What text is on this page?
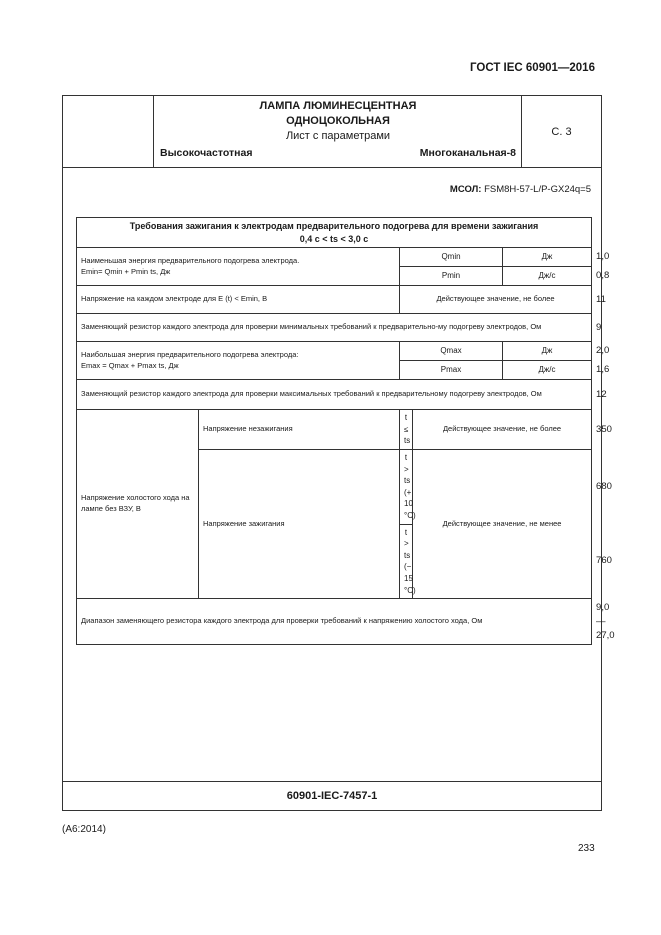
ГОСТ IEC 60901—2016
ЛАМПА ЛЮМИНЕСЦЕНТНАЯ
ОДНОЦОКОЛЬНАЯ
Лист с параметрами
Высокочастотная	Многоканальная-8
С. 3
МСОЛ: FSM8H-57-L/P-GX24q=5
Требования зажигания к электродам предварительного подогрева для времени зажигания
0,4 с < ts < 3,0 с					

Наименьшая энергия предварительного подогрева электрода.
Emin= Qmin + Pmin ts, Дж		Qmin		Дж	1,0
		Pmin		Дж/с	0,8
Напряжение на каждом электроде для E (t) < Emin, В		Действующее значение, не более			11
Заменяющий резистор каждого электрода для проверки минимальных требований к предварительно-му подогреву электродов, Ом					9

Наибольшая энергия предварительного подогрева электрода:
Emax = Qmax + Pmax ts, Дж		Qmax		Дж	2,0
		Pmax		Дж/с	1,6
Заменяющий резистор каждого электрода для проверки максимальных требований к предварительному подогреву электродов, Ом					12
Напряжение холостого хода на лампе без ВЗУ, В	Напряжение незажигания	t ≤ ts	Действующее значение, не более		350
	Напряжение зажигания	t > ts (+ 10 °C)	Действующее значение, не менее		680
		t > ts (− 15 °C)			760
Диапазон заменяющего резистора каждого электрода для проверки требований к напряжению холостого хода, Ом					9,0—27,0
60901-IEC-7457-1
(A6:2014)
233
